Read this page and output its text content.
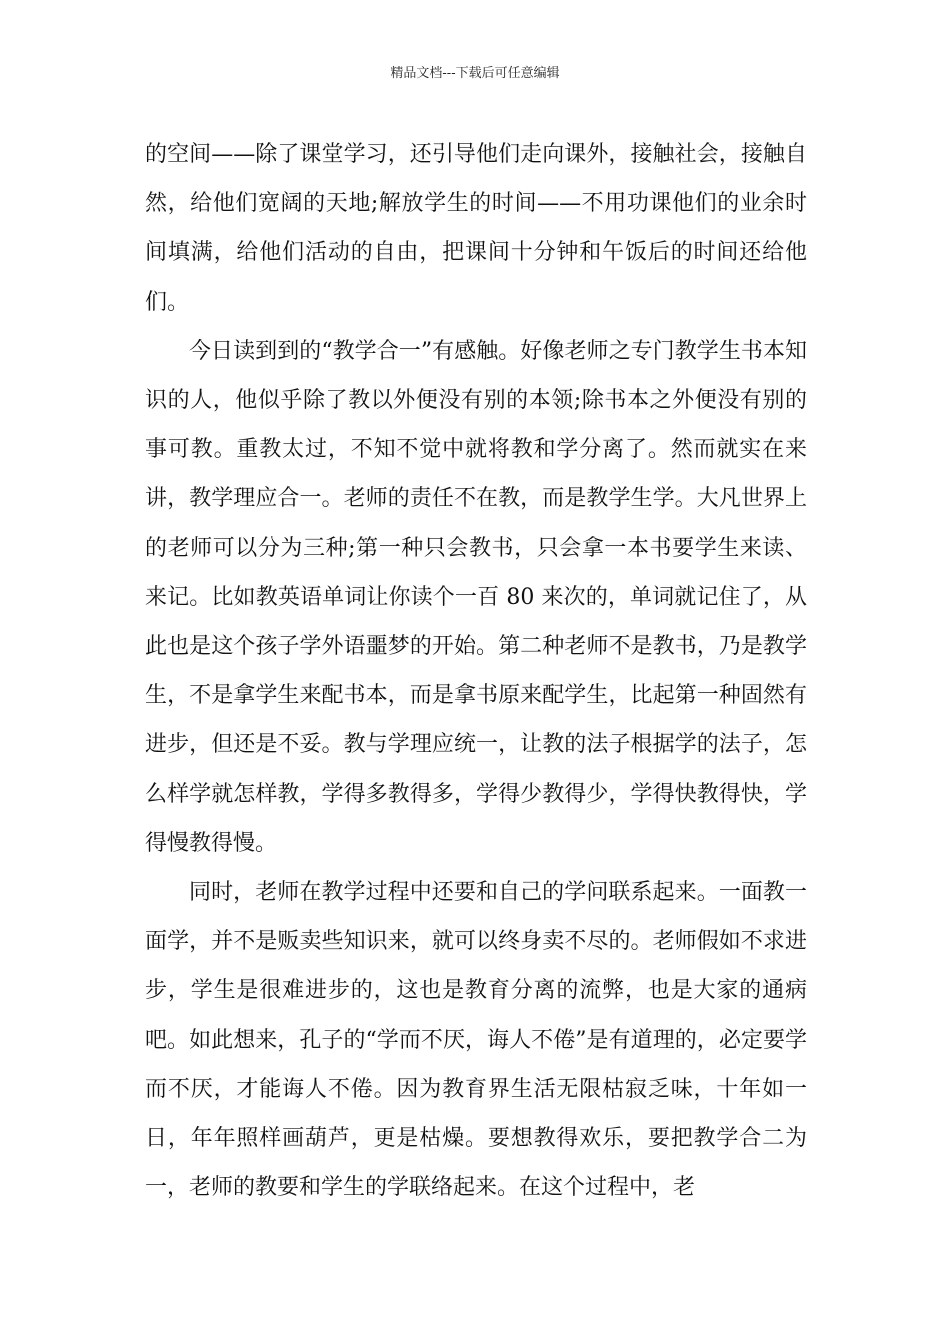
精品文档---下载后可任意编辑

的空间——除了课堂学习，还引导他们走向课外，接触社会，接触自然，给他们宽阔的天地;解放学生的时间——不用功课他们的业余时间填满，给他们活动的自由，把课间十分钟和午饭后的时间还给他们。

今日读到到的“教学合一”有感触。好像老师之专门教学生书本知识的人，他似乎除了教以外便没有别的本领;除书本之外便没有别的事可教。重教太过，不知不觉中就将教和学分离了。然而就实在来讲，教学理应合一。老师的责任不在教，而是教学生学。大凡世界上的老师可以分为三种;第一种只会教书，只会拿一本书要学生来读、来记。比如教英语单词让你读个一百 80 来次的，单词就记住了，从此也是这个孩子学外语噩梦的开始。第二种老师不是教书，乃是教学生，不是拿学生来配书本，而是拿书原来配学生，比起第一种固然有进步，但还是不妥。教与学理应统一，让教的法子根据学的法子，怎么样学就怎样教，学得多教得多，学得少教得少，学得快教得快，学得慢教得慢。

同时，老师在教学过程中还要和自己的学问联系起来。一面教一面学，并不是贩卖些知识来，就可以终身卖不尽的。老师假如不求进步，学生是很难进步的，这也是教育分离的流弊，也是大家的通病吧。如此想来，孔子的“学而不厌，诲人不倦”是有道理的，必定要学而不厌，才能诲人不倦。因为教育界生活无限枯寂乏味，十年如一日，年年照样画葫芦，更是枯燥。要想教得欢乐，要把教学合二为一，老师的教要和学生的学联络起来。在这个过程中，老
